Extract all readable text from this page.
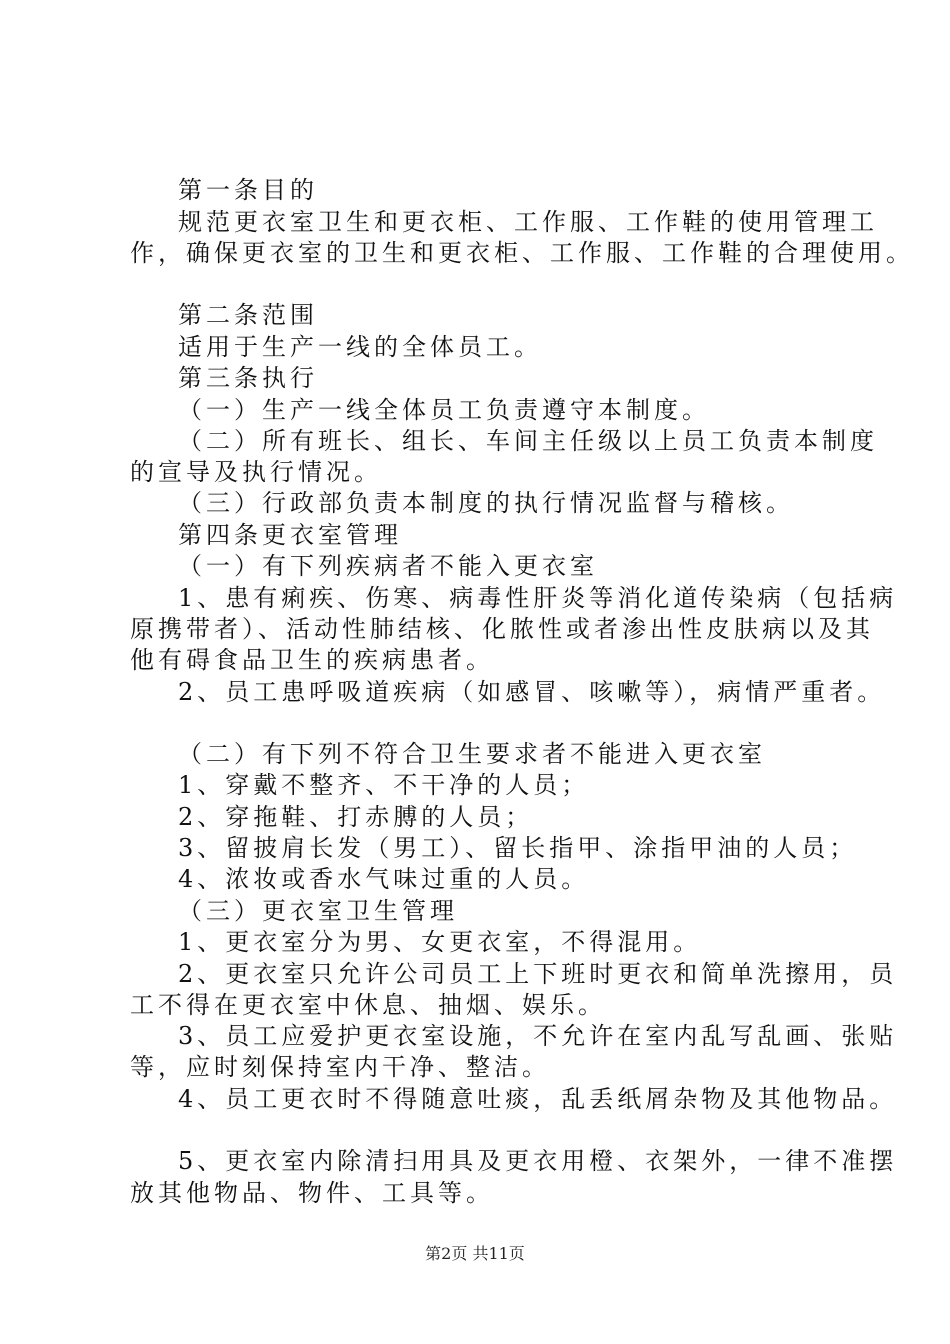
第一条目的
规范更衣室卫生和更衣柜、工作服、工作鞋的使用管理工
作，确保更衣室的卫生和更衣柜、工作服、工作鞋的合理使用。
第二条范围
适用于生产一线的全体员工。
第三条执行
（一）生产一线全体员工负责遵守本制度。
（二）所有班长、组长、车间主任级以上员工负责本制度
的宣导及执行情况。
（三）行政部负责本制度的执行情况监督与稽核。
第四条更衣室管理
（一）有下列疾病者不能入更衣室
1、患有痢疾、伤寒、病毒性肝炎等消化道传染病（包括病
原携带者）、活动性肺结核、化脓性或者渗出性皮肤病以及其
他有碍食品卫生的疾病患者。
2、员工患呼吸道疾病（如感冒、咳嗽等），病情严重者。
（二）有下列不符合卫生要求者不能进入更衣室
1、穿戴不整齐、不干净的人员；
2、穿拖鞋、打赤膊的人员；
3、留披肩长发（男工）、留长指甲、涂指甲油的人员；
4、浓妆或香水气味过重的人员。
（三）更衣室卫生管理
1、更衣室分为男、女更衣室，不得混用。
2、更衣室只允许公司员工上下班时更衣和简单洗擦用，员
工不得在更衣室中休息、抽烟、娱乐。
3、员工应爱护更衣室设施，不允许在室内乱写乱画、张贴
等，应时刻保持室内干净、整洁。
4、员工更衣时不得随意吐痰，乱丢纸屑杂物及其他物品。
5、更衣室内除清扫用具及更衣用橙、衣架外，一律不准摆
放其他物品、物件、工具等。
第2页 共11页
